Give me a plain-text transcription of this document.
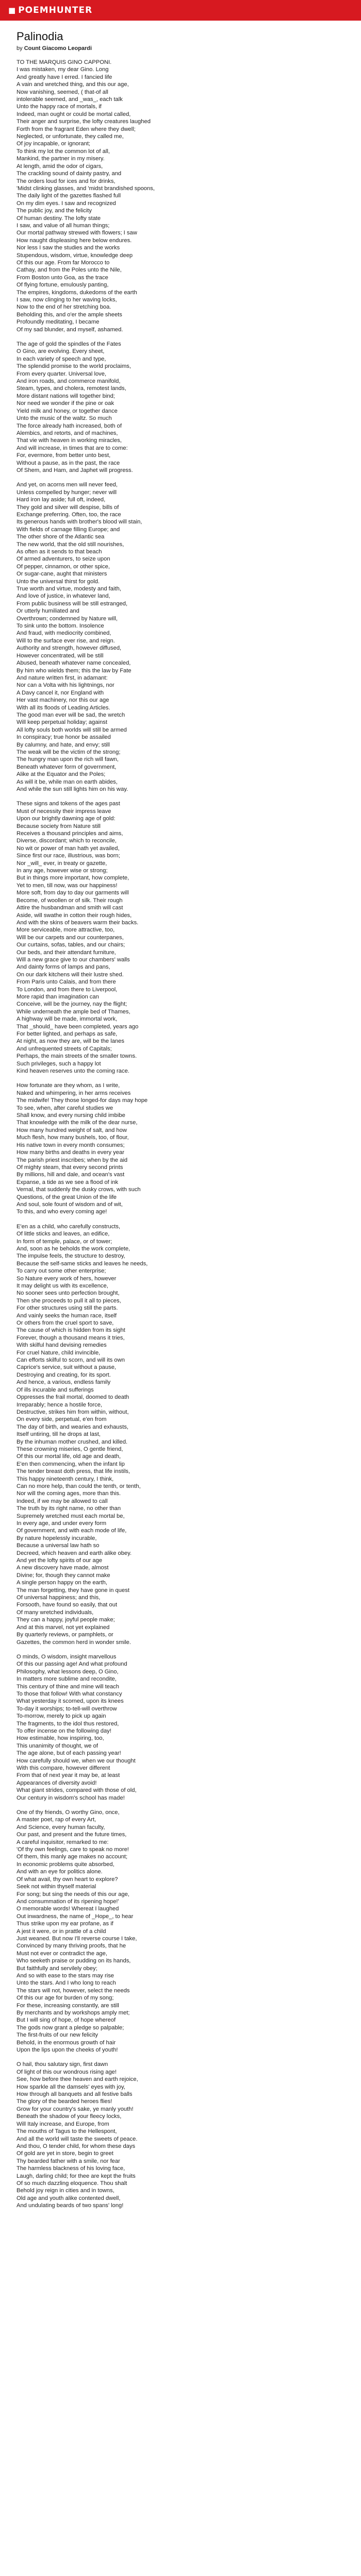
■ POEMHUNTER
Palinodia
by Count Giacomo Leopardi
TO THE MARQUIS GINO CAPPONI.
I was mistaken, my dear Gino. Long
And greatly have I erred. I fancied life
A vain and wretched thing, and this our age,
Now vanishing, seemed, ( that-of all
intolerable seemed, and _was_, each talk
Unto the happy race of mortals, if
Indeed, man ought or could be mortal called,
Their anger and surprise, the lofty creatures laughed
Forth from the fragrant Eden where they dwell;
Neglected, or unfortunate, they called me,
Of joy incapable, or ignorant;
To think my lot the common lot of all,
Mankind, the partner in my misery.
At length, amid the odor of cigars,
The crackling sound of dainty pastry, and
The orders loud for ices and for drinks,
'Midst clinking glasses, and 'midst brandished spoons,
The daily light of the gazettes flashed full
On my dim eyes. I saw and recognized
The public joy, and the felicity
Of human destiny. The lofty state
I saw, and value of all human things;
Our mortal pathway strewed with flowers; I saw
How naught displeasing here below endures.
Nor less I saw the studies and the works
Stupendous, wisdom, virtue, knowledge deep
Of this our age. From far Morocco to
Cathay, and from the Poles unto the Nile,
From Boston unto Goa, as the trace
Of flying fortune, emulously panting,
The empires, kingdoms, dukedoms of the earth
I saw, now clinging to her waving locks,
Now to the end of her stretching boa.
Beholding this, and o'er the ample sheets
Profoundly meditating, I became
Of my sad blunder, and myself, ashamed.
The age of gold the spindles of the Fates
O Gino, are evolving. Every sheet,
In each variety of speech and type,
The splendid promise to the world proclaims,
From every quarter. Universal love,
And iron roads, and commerce manifold,
Steam, types, and cholera, remotest lands,
More distant nations will together bind;
Nor need we wonder if the pine or oak
Yield milk and honey, or together dance
Unto the music of the waltz. So much
The force already hath increased, both of
Alembics, and retorts, and of machines,
That vie with heaven in working miracles,
And will increase, in times that are to come:
For, evermore, from better unto best,
Without a pause, as in the past, the race
Of Shem, and Ham, and Japhet will progress.
And yet, on acorns men will never feed,
Unless compelled by hunger; never will
Hard iron lay aside; full oft, indeed,
They gold and silver will despise, bills of
Exchange preferring. Often, too, the race
Its generous hands with brother's blood will stain,
With fields of carnage filling Europe; and
The other shore of the Atlantic sea
The new world, that the old still nourishes,
As often as it sends to that beach
Of armed adventurers, to seize upon
Of pepper, cinnamon, or other spice,
Or sugar-cane, aught that ministers
Unto the universal thirst for gold.
True worth and virtue, modesty and faith,
And love of justice, in whatever land,
From public business will be still estranged,
Or utterly humiliated and
Overthrown; condemned by Nature will,
To sink unto the bottom. Insolence
And fraud, with mediocrity combined,
Will to the surface ever rise, and reign.
Authority and strength, however diffused,
However concentrated, will be still
Abused, beneath whatever name concealed,
By him who wields them; this the law by Fate
And nature written first, in adamant:
Nor can a Volta with his lightnings, nor
A Davy cancel it, nor England with
Her vast machinery, nor this our age
With all its floods of Leading Articles.
The good man ever will be sad, the wretch
Will keep perpetual holiday; against
All lofty souls both worlds will still be armed
In conspiracy; true honor be assailed
By calumny, and hate, and envy; still
The weak will be the victim of the strong;
The hungry man upon the rich will fawn,
Beneath whatever form of government,
Alike at the Equator and the Poles;
As will it be, while man on earth abides,
And while the sun still lights him on his way.
These signs and tokens of the ages past
Must of necessity their impress leave
Upon our brightly dawning age of gold:
Because society from Nature still
Receives a thousand principles and aims,
Diverse, discordant; which to reconcile,
No wit or power of man hath yet availed,
Since first our race, illustrious, was born;
Nor _will_ ever, in treaty or gazette,
In any age, however wise or strong;
But in things more important, how complete,
Yet to men, till now, was our happiness!
More soft, from day to day our garments will
Become, of woollen or of silk. Their rough
Attire the husbandman and smith will cast
Aside, will swathe in cotton their rough hides,
And with the skins of beavers warm their backs.
More serviceable, more attractive, too,
Will be our carpets and our counterpanes,
Our curtains, sofas, tables, and our chairs;
Our beds, and their attendant furniture,
Will a new grace give to our chambers' walls
And dainty forms of lamps and pans,
On our dark kitchens will their lustre shed.
From Paris unto Calais, and from there
To London, and from there to Liverpool,
More rapid than imagination can
Conceive, will be the journey, nay the flight;
While underneath the ample bed of Thames,
A highway will be made, immortal work,
That _should_ have been completed, years ago
For better lighted, and perhaps as safe,
At night, as now they are, will be the lanes
And unfrequented streets of Capitals;
Perhaps, the main streets of the smaller towns.
Such privileges, such a happy lot
Kind heaven reserves unto the coming race.
How fortunate are they whom, as I write,
Naked and whimpering, in her arms receives
The midwife! They those longed-for days may hope
To see, when, after careful studies we
Shall know, and every nursing child imbibe
That knowledge with the milk of the dear nurse,
How many hundred weight of salt, and how
Much flesh, how many bushels, too, of flour,
His native town in every month consumes;
How many births and deaths in every year
The parish priest inscribes; when by the aid
Of mighty steam, that every second prints
By millions, hill and dale, and ocean's vast
Expanse, a tide as we see a flood of ink
Vernal, that suddenly the dusky crows, with such
Questions, of the great Union of the life
And soul, sole fount of wisdom and of wit,
To this, and who every coming age!
E'en as a child, who carefully constructs,
Of little sticks and leaves, an edifice,
In form of temple, palace, or of tower;
And, soon as he beholds the work complete,
The impulse feels, the structure to destroy,
Because the self-same sticks and leaves he needs,
To carry out some other enterprise;
So Nature every work of hers, however
It may delight us with its excellence,
No sooner sees unto perfection brought,
Then she proceeds to pull it all to pieces,
For other structures using still the parts.
And vainly seeks the human race, itself
Or others from the cruel sport to save,
The cause of which is hidden from its sight
Forever, though a thousand means it tries,
With skilful hand devising remedies
For cruel Nature, child invincible,
Can efforts skilful to scorn, and will its own
Caprice's service, suit without a pause,
Destroying and creating, for its sport.
And hence, a various, endless family
Of ills incurable and sufferings
Oppresses the frail mortal, doomed to death
Irreparably; hence a hostile force,
Destructive, strikes him from within, without,
On every side, perpetual, e'en from
The day of birth, and wearies and exhausts,
Itself untiring, till he drops at last,
By the inhuman mother crushed, and killed.
These crowning miseries, O gentle friend,
Of this our mortal life, old age and death,
E'en then commencing, when the infant lip
The tender breast doth press, that life instils,
This happy nineteenth century, I think,
Can no more help, than could the tenth, or tenth,
Nor will the coming ages, more than this.
Indeed, if we may be allowed to call
The truth by its right name, no other than
Supremely wretched must each mortal be,
In every age, and under every form
Of government, and with each mode of life,
By nature hopelessly incurable,
Because a universal law hath so
Decreed, which heaven and earth alike obey.
And yet the lofty spirits of our age
A new discovery have made, almost
Divine; for, though they cannot make
A single person happy on the earth,
The man forgetting, they have gone in quest
Of universal happiness; and this,
Forsooth, have found so easily, that out
Of many wretched individuals,
They can a happy, joyful people make;
And at this marvel, not yet explained
By quarterly reviews, or pamphlets, or
Gazettes, the common herd in wonder smile.
O minds, O wisdom, insight marvellous
Of this our passing age! And what profound
Philosophy, what lessons deep, O Gino,
In matters more sublime and recondite,
This century of thine and mine will teach
To those that follow! With what constancy
What yesterday it scorned, upon its knees
To-day it worships; to-tell-will overthrow
To-morrow, merely to pick up again
The fragments, to the idol thus restored,
To offer incense on the following day!
How estimable, how inspiring, too,
This unanimity of thought, we of
The age alone, but of each passing year!
How carefully should we, when we our thought
With this compare, however different
From that of next year it may be, at least
Appearances of diversity avoid!
What giant strides, compared with those of old,
Our century in wisdom's school has made!
One of thy friends, O worthy Gino, once,
A master poet, rap of every Art,
And Science, every human faculty,
Our past, and present and the future times,
A careful inquisitor, remarked to me:
'Of thy own feelings, care to speak no more!
Of them, this manly age makes no account;
In economic problems quite absorbed,
And with an eye for politics alone.
Of what avail, thy own heart to explore?
Seek not within thyself material
For song; but sing the needs of this our age,
And consummation of its ripening hope!'
O memorable words! Whereat I laughed
Out inwardness, the name of _Hope_, to hear
Thus strike upon my ear profane, as if
A jest it were, or in prattle of a child
Just weaned. But now I'll reverse course I take,
Convinced by many thriving proofs, that he
Must not ever or contradict the age,
Who seeketh praise or pudding on its hands,
But faithfully and servilely obey;
And so with ease to the stars may rise
Unto the stars. And I who long to reach
The stars will not, however, select the needs
Of this our age for burden of my song;
For these, increasing constantly, are still
By merchants and by workshops amply met;
But I will sing of hope, of hope whereof
The gods now grant a pledge so palpable;
The first-fruits of our new felicity
Behold, in the enormous growth of hair
Upon the lips upon the cheeks of youth!
O hail, thou salutary sign, first dawn
Of light of this our wondrous rising age!
See, how before thee heaven and earth rejoice,
How sparkle all the damsels' eyes with joy,
How through all banquets and all festive balls
The glory of the bearded heroes flies!
Grow for your country's sake, ye manly youth!
Beneath the shadow of your fleecy locks,
Will Italy increase, and Europe, from
The mouths of Tagus to the Hellespont,
And all the world will taste the sweets of peace.
And thou, O tender child, for whom these days
Of gold are yet in store, begin to greet
Thy bearded father with a smile, nor fear
The harmless blackness of his loving face,
Laugh, darling child; for thee are kept the fruits
Of so much dazzling eloquence. Thou shalt
Behold joy reign in cities and in towns,
Old age and youth alike contented dwell,
And undulating beards of two spans' long!
